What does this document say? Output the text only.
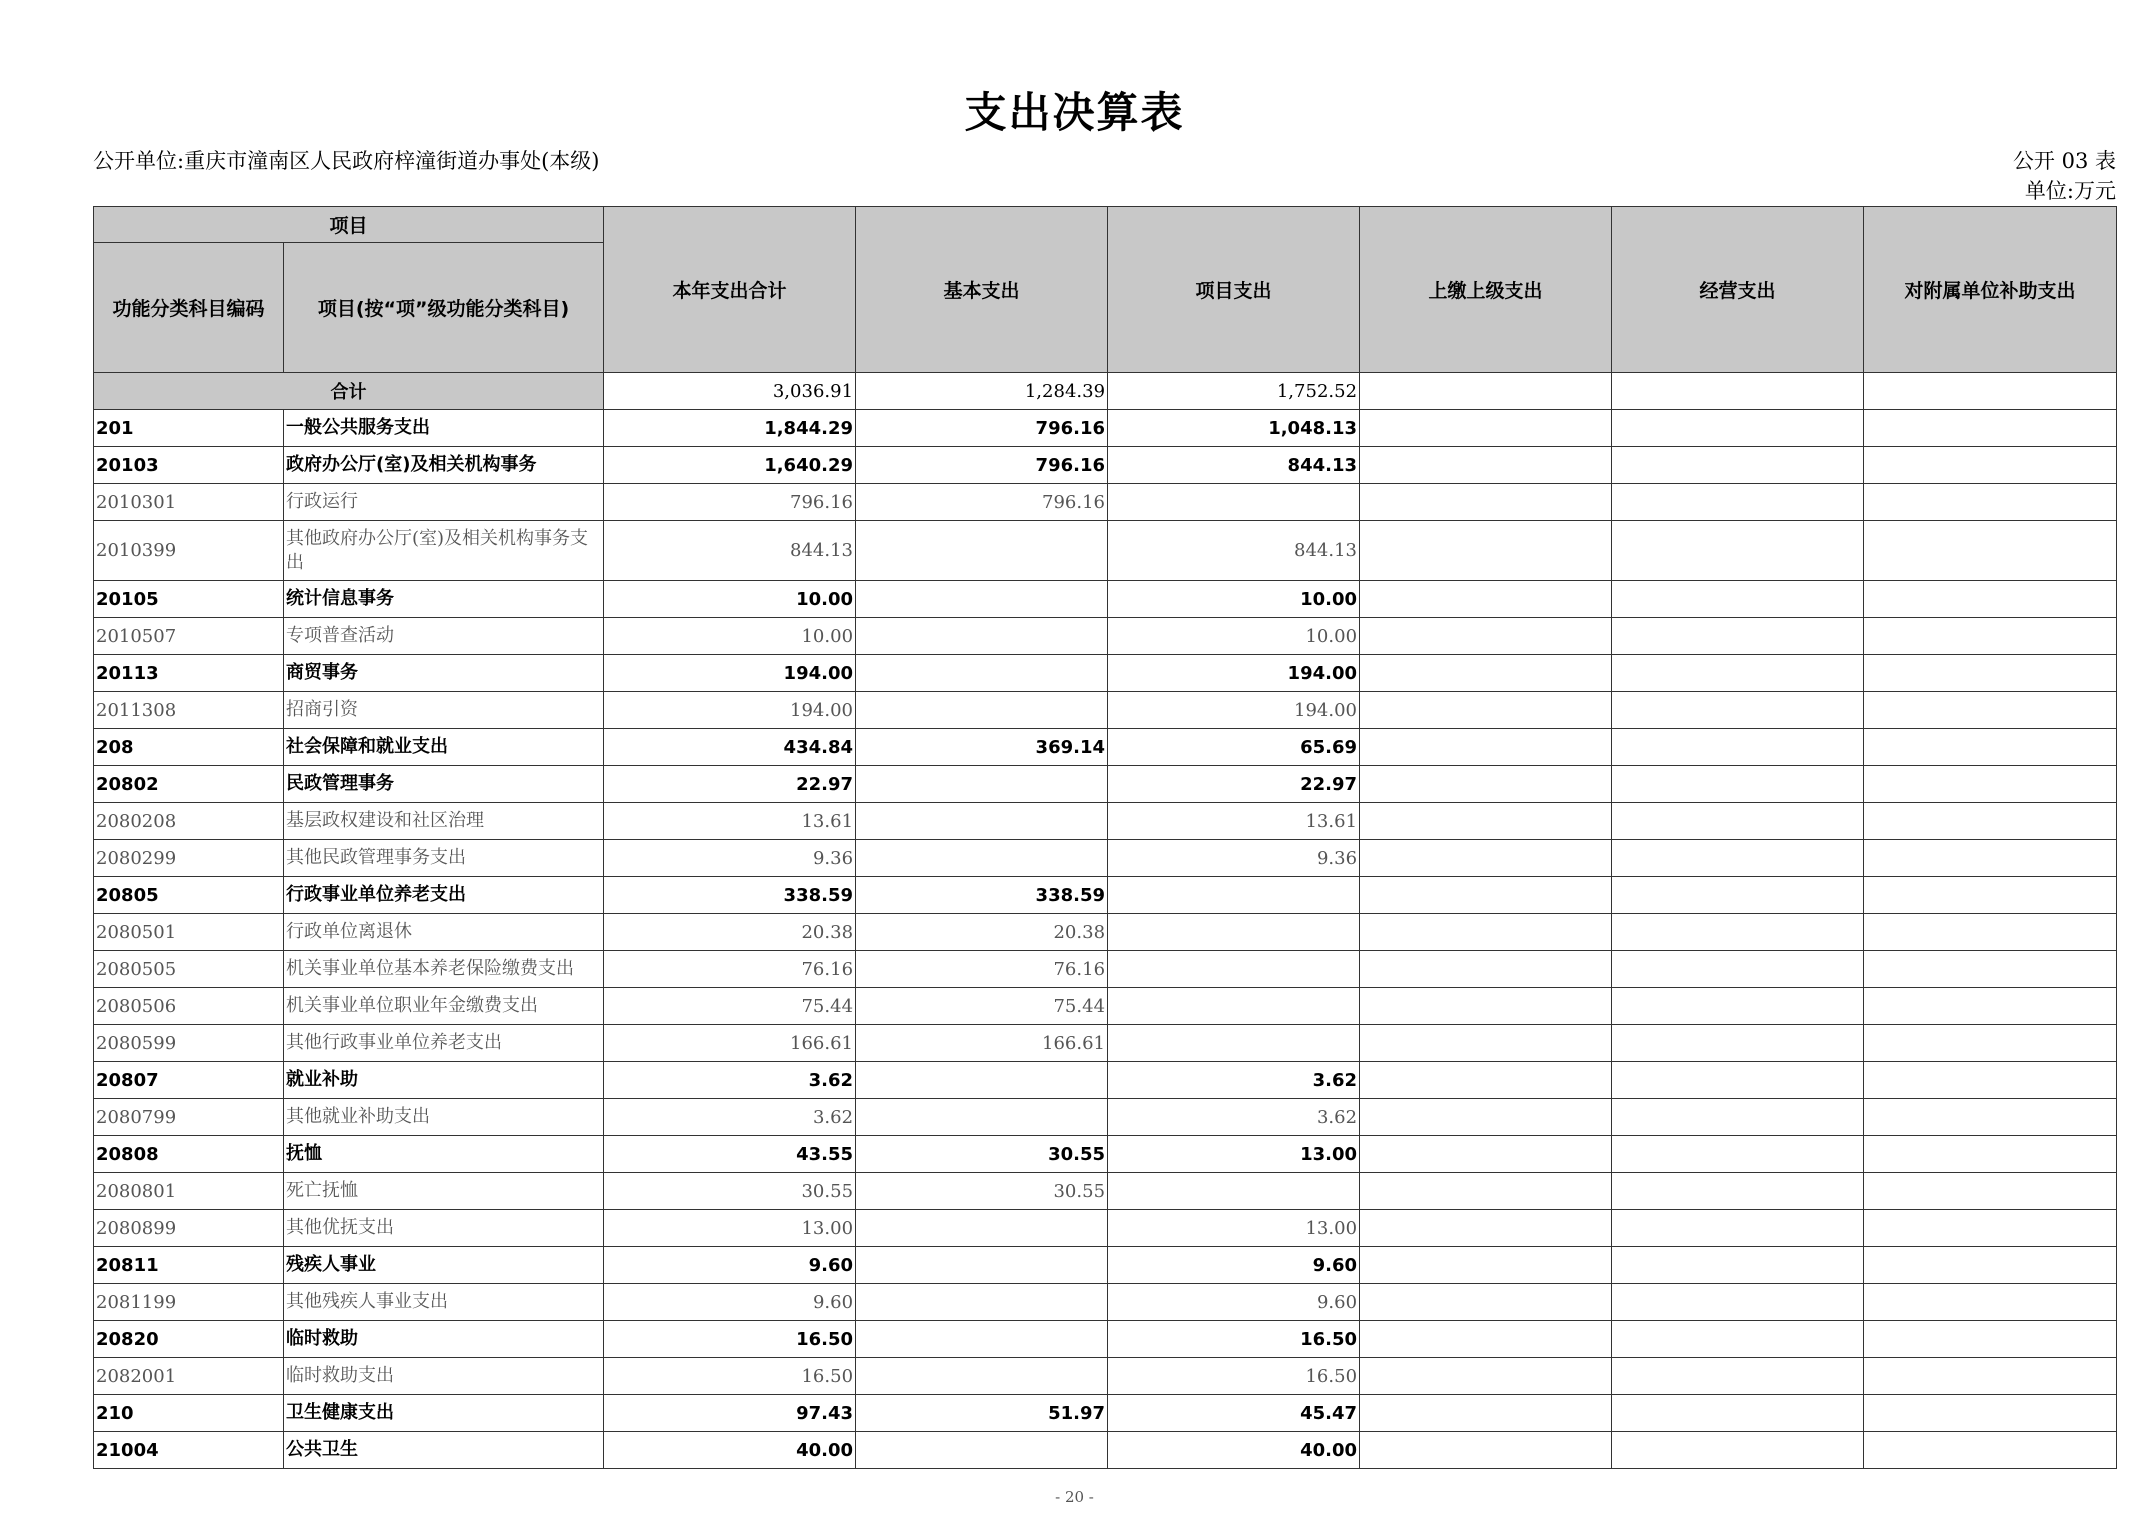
支出决算表
公开单位:重庆市潼南区人民政府梓潼街道办事处(本级)	公开 03 表
单位:万元
项目		本年支出合计	基本支出	项目支出	上缴上级支出	经营支出	对附属单位补助支出
功能分类科目编码	项目(按“项”级功能分类科目)						
合计		3,036.91	1,284.39	1,752.52			
201	一般公共服务支出	1,844.29	796.16	1,048.13			
20103	政府办公厅(室)及相关机构事务	1,640.29	796.16	844.13			
2010301	行政运行	796.16	796.16				
2010399	其他政府办公厅(室)及相关机构事务支出	844.13		844.13			
20105	统计信息事务	10.00		10.00			
2010507	专项普查活动	10.00		10.00			
20113	商贸事务	194.00		194.00			
2011308	招商引资	194.00		194.00			
208	社会保障和就业支出	434.84	369.14	65.69			
20802	民政管理事务	22.97		22.97			
2080208	基层政权建设和社区治理	13.61		13.61			
2080299	其他民政管理事务支出	9.36		9.36			
20805	行政事业单位养老支出	338.59	338.59				
2080501	行政单位离退休	20.38	20.38				
2080505	机关事业单位基本养老保险缴费支出	76.16	76.16				
2080506	机关事业单位职业年金缴费支出	75.44	75.44				
2080599	其他行政事业单位养老支出	166.61	166.61				
20807	就业补助	3.62		3.62			
2080799	其他就业补助支出	3.62		3.62			
20808	抚恤	43.55	30.55	13.00			
2080801	死亡抚恤	30.55	30.55				
2080899	其他优抚支出	13.00		13.00			
20811	残疾人事业	9.60		9.60			
2081199	其他残疾人事业支出	9.60		9.60			
20820	临时救助	16.50		16.50			
2082001	临时救助支出	16.50		16.50			
210	卫生健康支出	97.43	51.97	45.47			
21004	公共卫生	40.00		40.00			
- 20 -
